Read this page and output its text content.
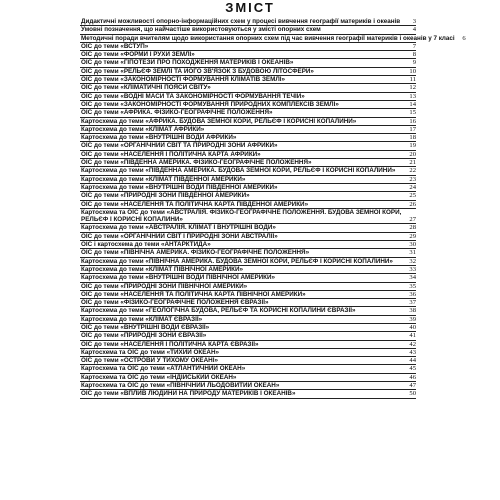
ЗМІСТ
Дидактичні можливості опорно-інформаційних схем у процесі вивчення географії материків і океанів	3
Умовні позначення, що найчастіше використовуються у змісті опорних схем	4
Методичні поради вчителям щодо використання опорних схем під час вивчення географії материків і океанів у 7 класі	6
ОІС до теми «ВСТУП»	7
ОІС до теми «ФОРМИ І РУХИ ЗЕМЛІ»	8
ОІС до теми «ГІПОТЕЗИ ПРО ПОХОДЖЕННЯ МАТЕРИКІВ І ОКЕАНІВ»	9
ОІС до теми «РЕЛЬЄФ ЗЕМЛІ ТА ЙОГО ЗВ'ЯЗОК З БУДОВОЮ ЛІТОСФЕРИ»	10
ОІС до теми «ЗАКОНОМІРНОСТІ ФОРМУВАННЯ КЛІМАТІВ ЗЕМЛІ»	11
ОІС до теми «КЛІМАТИЧНІ ПОЯСИ СВІТУ»	12
ОІС до теми «ВОДНІ МАСИ ТА ЗАКОНОМІРНОСТІ ФОРМУВАННЯ ТЕЧІЙ»	13
ОІС до теми «ЗАКОНОМІРНОСТІ ФОРМУВАННЯ ПРИРОДНИХ КОМПЛЕКСІВ ЗЕМЛІ»	14
ОІС до теми «АФРИКА. ФІЗИКО-ГЕОГРАФІЧНЕ ПОЛОЖЕННЯ»	15
Картосхема до теми «АФРИКА. БУДОВА ЗЕМНОЇ КОРИ, РЕЛЬЄФ І КОРИСНІ КОПАЛИНИ»	16
Картосхема до теми «КЛІМАТ АФРИКИ»	17
Картосхема до теми «ВНУТРІШНІ ВОДИ АФРИКИ»	18
ОІС до теми «ОРГАНІЧНИЙ СВІТ ТА ПРИРОДНІ ЗОНИ АФРИКИ»	19
ОІС до теми «НАСЕЛЕННЯ І ПОЛІТИЧНА КАРТА АФРИКИ»	20
ОІС до теми «ПІВДЕННА АМЕРИКА. ФІЗИКО-ГЕОГРАФІЧНЕ ПОЛОЖЕННЯ»	21
Картосхема до теми «ПІВДЕННА АМЕРИКА. БУДОВА ЗЕМНОЇ КОРИ, РЕЛЬЄФ І КОРИСНІ КОПАЛИНИ»	22
Картосхема до теми «КЛІМАТ ПІВДЕННОЇ АМЕРИКИ»	23
Картосхема до теми «ВНУТРІШНІ ВОДИ ПІВДЕННОЇ АМЕРИКИ»	24
ОІС до теми «ПРИРОДНІ ЗОНИ ПІВДЕННОЇ АМЕРИКИ»	25
ОІС до теми «НАСЕЛЕННЯ ТА ПОЛІТИЧНА КАРТА ПІВДЕННОЇ АМЕРИКИ»	26
Картосхема та ОІС до теми «АВСТРАЛІЯ. ФІЗИКО-ГЕОГРАФІЧНЕ ПОЛОЖЕННЯ. БУДОВА ЗЕМНОЇ КОРИ, РЕЛЬЄФ І КОРИСНІ КОПАЛИНИ»	27
Картосхема до теми «АВСТРАЛІЯ. КЛІМАТ І ВНУТРІШНІ ВОДИ»	28
ОІС до теми «ОРГАНІЧНИЙ СВІТ І ПРИРОДНІ ЗОНИ АВСТРАЛІЇ»	29
ОІС і картосхема до теми «АНТАРКТИДА»	30
ОІС до теми «ПІВНІЧНА АМЕРИКА. ФІЗИКО-ГЕОГРАФІЧНЕ ПОЛОЖЕННЯ»	31
Картосхема до теми «ПІВНІЧНА АМЕРИКА. БУДОВА ЗЕМНОЇ КОРИ, РЕЛЬЄФ І КОРИСНІ КОПАЛИНИ»	32
Картосхема до теми «КЛІМАТ ПІВНІЧНОЇ АМЕРИКИ»	33
Картосхема до теми «ВНУТРІШНІ ВОДИ ПІВНІЧНОЇ АМЕРИКИ»	34
ОІС до теми «ПРИРОДНІ ЗОНИ ПІВНІЧНОЇ АМЕРИКИ»	35
ОІС до теми «НАСЕЛЕННЯ ТА ПОЛІТИЧНА КАРТА ПІВНІЧНОЇ АМЕРИКИ»	36
ОІС до теми «ФІЗИКО-ГЕОГРАФІЧНЕ ПОЛОЖЕННЯ ЄВРАЗІЇ»	37
Картосхема до теми «ГЕОЛОГІЧНА БУДОВА, РЕЛЬЄФ ТА КОРИСНІ КОПАЛИНИ ЄВРАЗІЇ»	38
Картосхема до теми «КЛІМАТ ЄВРАЗІЇ»	39
ОІС до теми «ВНУТРІШНІ ВОДИ ЄВРАЗІЇ»	40
ОІС до теми «ПРИРОДНІ ЗОНИ ЄВРАЗІЇ»	41
ОІС до теми «НАСЕЛЕННЯ І ПОЛІТИЧНА КАРТА ЄВРАЗІЇ»	42
Картосхема та ОІС до теми «ТИХИЙ ОКЕАН»	43
ОІС до теми «ОСТРОВИ У ТИХОМУ ОКЕАНІ»	44
Картосхема та ОІС до теми «АТЛАНТИЧНИЙ ОКЕАН»	45
Картосхема та ОІС до теми «ІНДІЙСЬКИЙ ОКЕАН»	46
Картосхема та ОІС до теми «ПІВНІЧНИЙ ЛЬОДОВИТИЙ ОКЕАН»	47
ОІС до теми «ВПЛИВ ЛЮДИНИ НА ПРИРОДУ МАТЕРИКІВ І ОКЕАНІВ»	50
